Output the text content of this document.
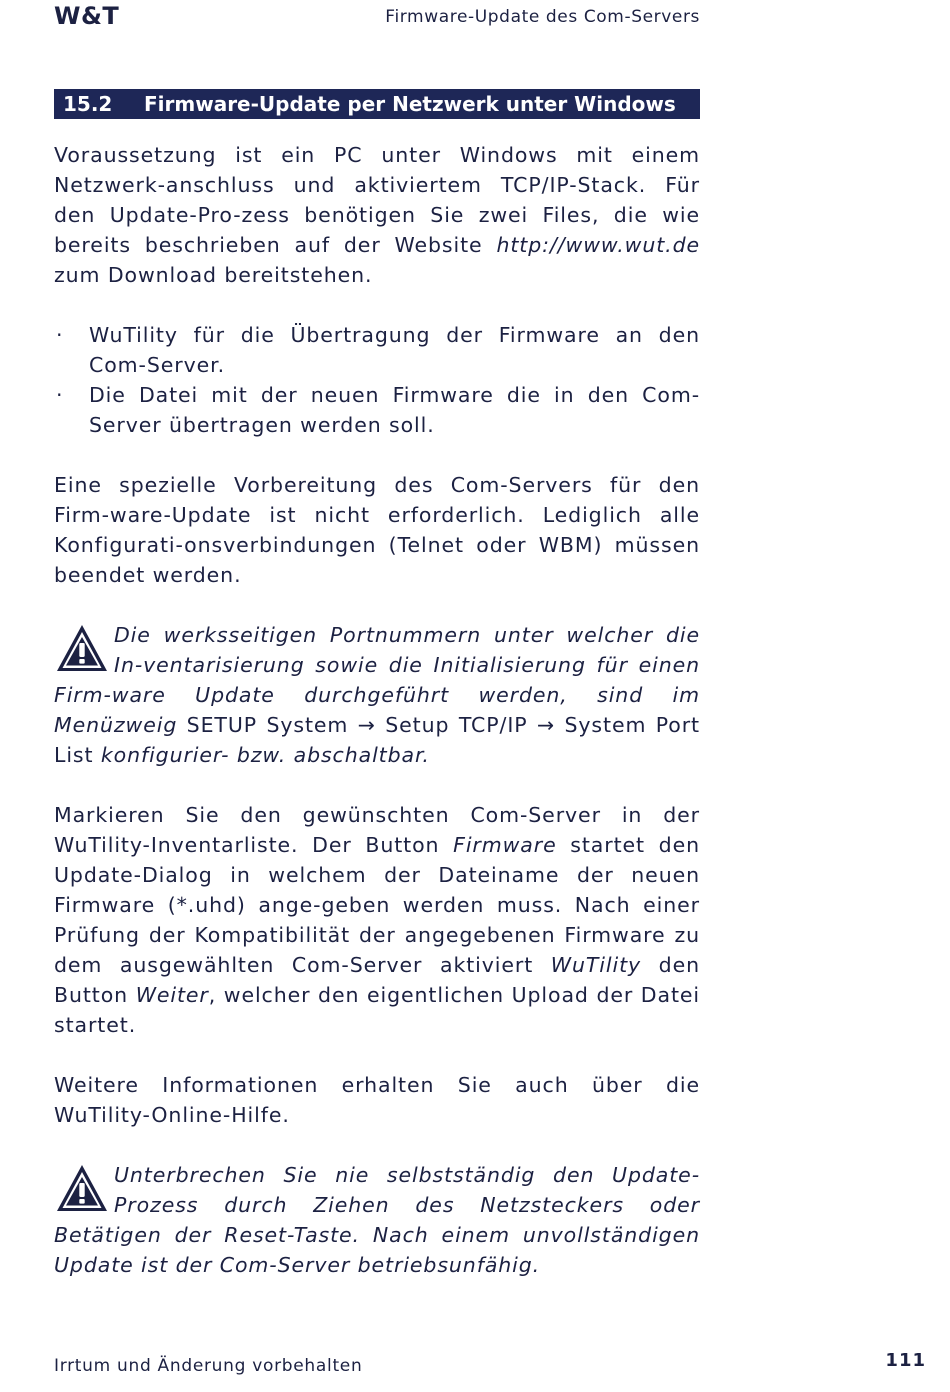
W&T	Firmware-Update des Com-Servers
15.2 Firmware-Update per Netzwerk unter Windows

Voraussetzung ist ein PC unter Windows mit einem Netzwerk-anschluss und aktiviertem TCP/IP-Stack. Für den Update-Pro-zess benötigen Sie zwei Files, die wie bereits beschrieben auf der Website http://www.wut.de zum Download bereitstehen.

· WuTility für die Übertragung der Firmware an den Com-Server.
· Die Datei mit der neuen Firmware die in den Com-Server übertragen werden soll.

Eine spezielle Vorbereitung des Com-Servers für den Firm-ware-Update ist nicht erforderlich. Lediglich alle Konfigurati-onsverbindungen (Telnet oder WBM) müssen beendet werden.

Die werksseitigen Portnummern unter welcher die In-ventarisierung sowie die Initialisierung für einen Firm-ware Update durchgeführt werden, sind im Menüzweig SETUP System → Setup TCP/IP → System Port List konfigurier- bzw. abschaltbar.

Markieren Sie den gewünschten Com-Server in der WuTility-Inventarliste. Der Button Firmware startet den Update-Dialog in welchem der Dateiname der neuen Firmware (*.uhd) ange-geben werden muss. Nach einer Prüfung der Kompatibilität der angegebenen Firmware zu dem ausgewählten Com-Server aktiviert WuTility den Button Weiter, welcher den eigentlichen Upload der Datei startet.

Weitere Informationen erhalten Sie auch über die WuTility-Online-Hilfe.

Unterbrechen Sie nie selbstständig den Update-Prozess durch Ziehen des Netzsteckers oder Betätigen der Reset-Taste. Nach einem unvollständigen Update ist der Com-Server betriebsunfähig.

Irrtum und Änderung vorbehalten	111
